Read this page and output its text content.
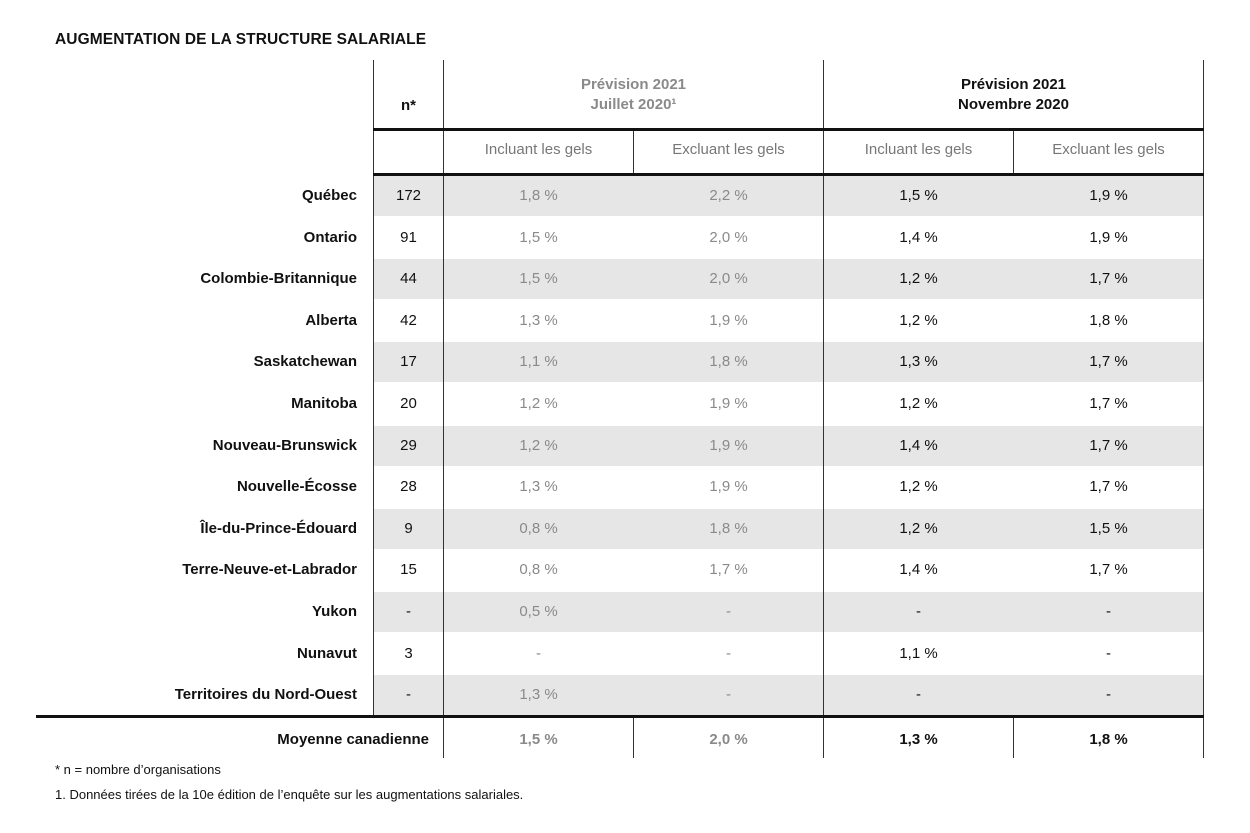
AUGMENTATION DE LA STRUCTURE SALARIALE
n*
Prévision 2021
Juillet 2020¹
Prévision 2021
Novembre 2020
Incluant les gels	Excluant les gels	Incluant les gels	Excluant les gels
Québec	172	1,8 %	2,2 %	1,5 %	1,9 %
Ontario	91	1,5 %	2,0 %	1,4 %	1,9 %
Colombie-Britannique	44	1,5 %	2,0 %	1,2 %	1,7 %
Alberta	42	1,3 %	1,9 %	1,2 %	1,8 %
Saskatchewan	17	1,1 %	1,8 %	1,3 %	1,7 %
Manitoba	20	1,2 %	1,9 %	1,2 %	1,7 %
Nouveau-Brunswick	29	1,2 %	1,9 %	1,4 %	1,7 %
Nouvelle-Écosse	28	1,3 %	1,9 %	1,2 %	1,7 %
Île-du-Prince-Édouard	9	0,8 %	1,8 %	1,2 %	1,5 %
Terre-Neuve-et-Labrador	15	0,8 %	1,7 %	1,4 %	1,7 %
Yukon	-	0,5 %	-	-	-
Nunavut	3	-	-	1,1 %	-
Territoires du Nord-Ouest	-	1,3 %	-	-	-
Moyenne canadienne	1,5 %	2,0 %	1,3 %	1,8 %
* n = nombre d’organisations
1. Données tirées de la 10e édition de l’enquête sur les augmentations salariales.
